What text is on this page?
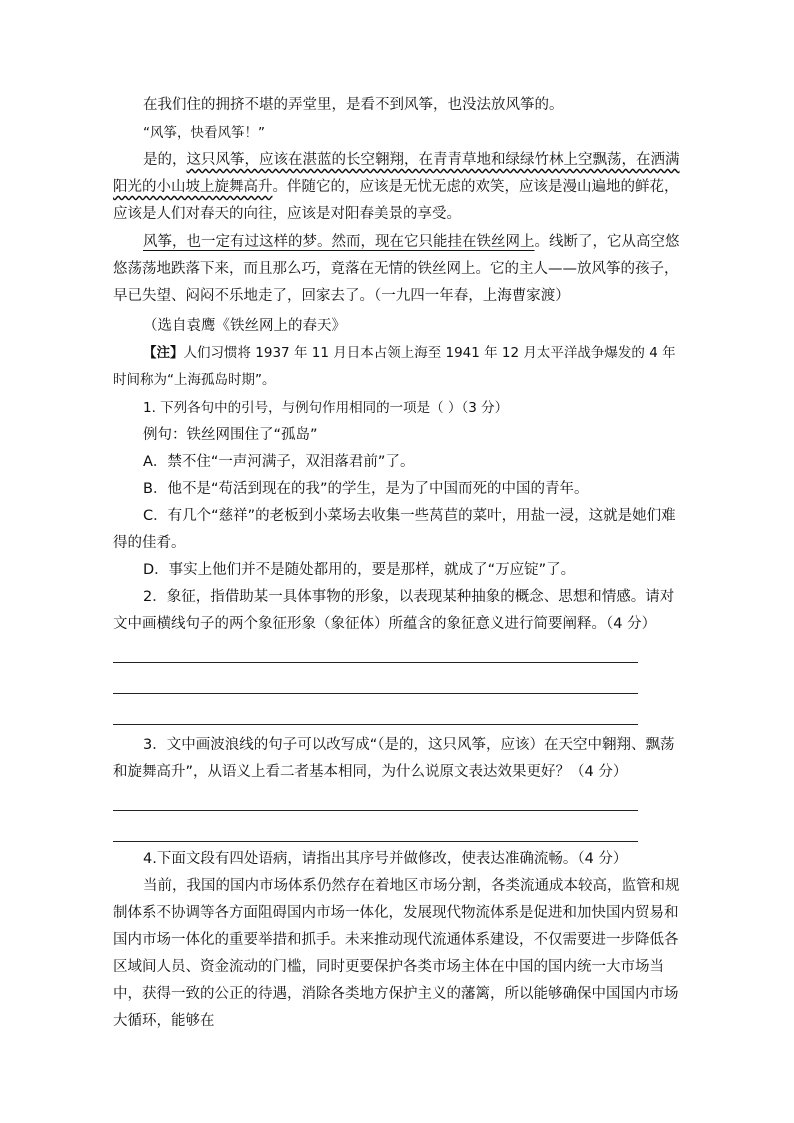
在我们住的拥挤不堪的弄堂里，是看不到风筝，也没法放风筝的。

“风筝，快看风筝！”

是的，这只风筝，应该在湛蓝的长空翱翔，在青青草地和绿绿竹林上空飘荡，在洒满阳光的小山坡上旋舞高升。伴随它的，应该是无忧无虑的欢笑，应该是漫山遍地的鲜花，应该是人们对春天的向往，应该是对阳春美景的享受。

风筝，也一定有过这样的梦。然而，现在它只能挂在铁丝网上。线断了，它从高空悠悠荡荡地跌落下来，而且那么巧，竟落在无情的铁丝网上。它的主人——放风筝的孩子，早已失望、闷闷不乐地走了，回家去了。（一九四一年春，上海曹家渡）

（选自袁鹰《铁丝网上的春天》

【注】人们习惯将 1937 年 11 月日本占领上海至 1941 年 12 月太平洋战争爆发的 4 年时间称为“上海孤岛时期”。

1. 下列各句中的引号，与例句作用相同的一项是（ ）（3 分）

例句：铁丝网围住了“孤岛”

A．禁不住“一声河满子，双泪落君前”了。

B．他不是“苟活到现在的我”的学生，是为了中国而死的中国的青年。

C．有几个“慈祥”的老板到小菜场去收集一些莴苣的菜叶，用盐一浸，这就是她们难得的佳肴。

D．事实上他们并不是随处都用的，要是那样，就成了“万应锭”了。

2．象征，指借助某一具体事物的形象，以表现某种抽象的概念、思想和情感。请对文中画横线句子的两个象征形象（象征体）所蕴含的象征意义进行简要阐释。（4 分）

3．文中画波浪线的句子可以改写成“（是的，这只风筝，应该）在天空中翱翔、飘荡和旋舞高升”，从语义上看二者基本相同，为什么说原文表达效果更好？（4 分）

4.下面文段有四处语病，请指出其序号并做修改，使表达准确流畅。（4 分）

当前，我国的国内市场体系仍然存在着地区市场分割，各类流通成本较高，监管和规制体系不协调等各方面阻碍国内市场一体化，发展现代物流体系是促进和加快国内贸易和国内市场一体化的重要举措和抓手。未来推动现代流通体系建设，不仅需要进一步降低各区域间人员、资金流动的门槛，同时更要保护各类市场主体在中国的国内统一大市场当中，获得一致的公正的待遇，消除各类地方保护主义的藩篱，所以能够确保中国国内市场大循环，能够在
